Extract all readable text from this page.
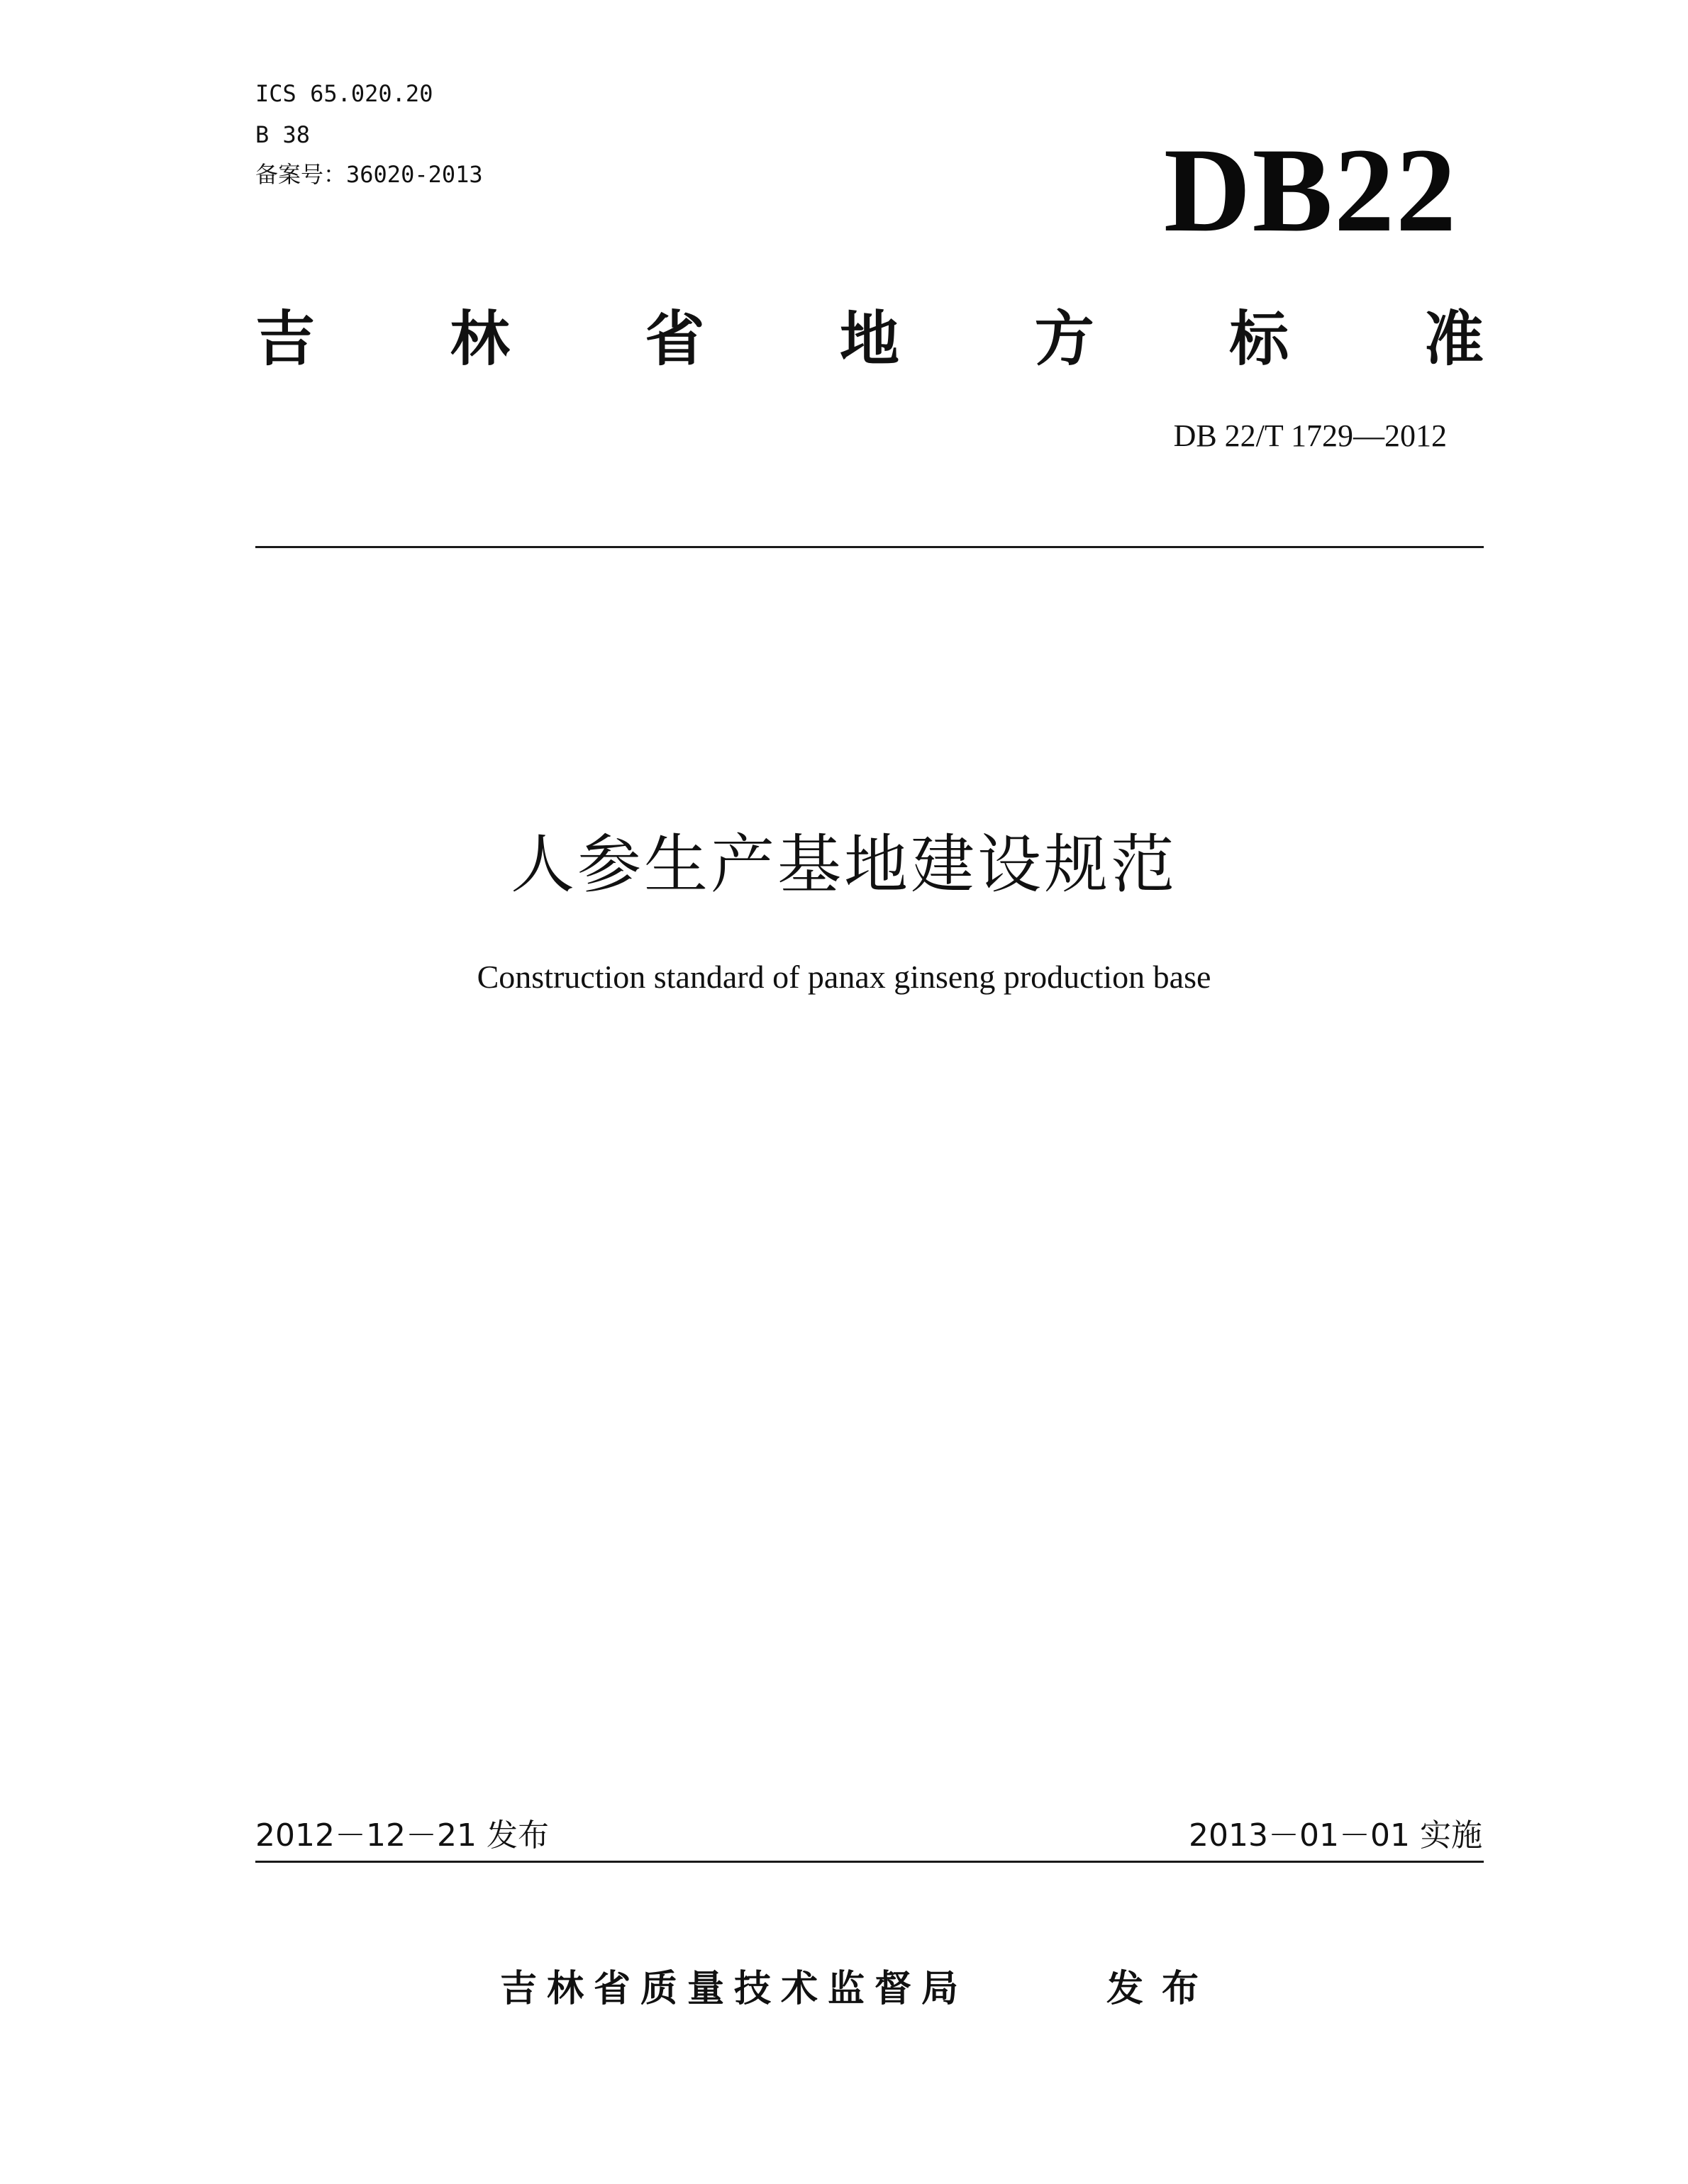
ICS 65.020.20
B 38
备案号：36020-2013	DB22
吉 林 省 地 方 标 准
DB 22/T 1729—2012
人参生产基地建设规范
Construction standard of panax ginseng production base
2012－12－21 发布	2013－01－01 实施
吉林省质量技术监督局	发布
